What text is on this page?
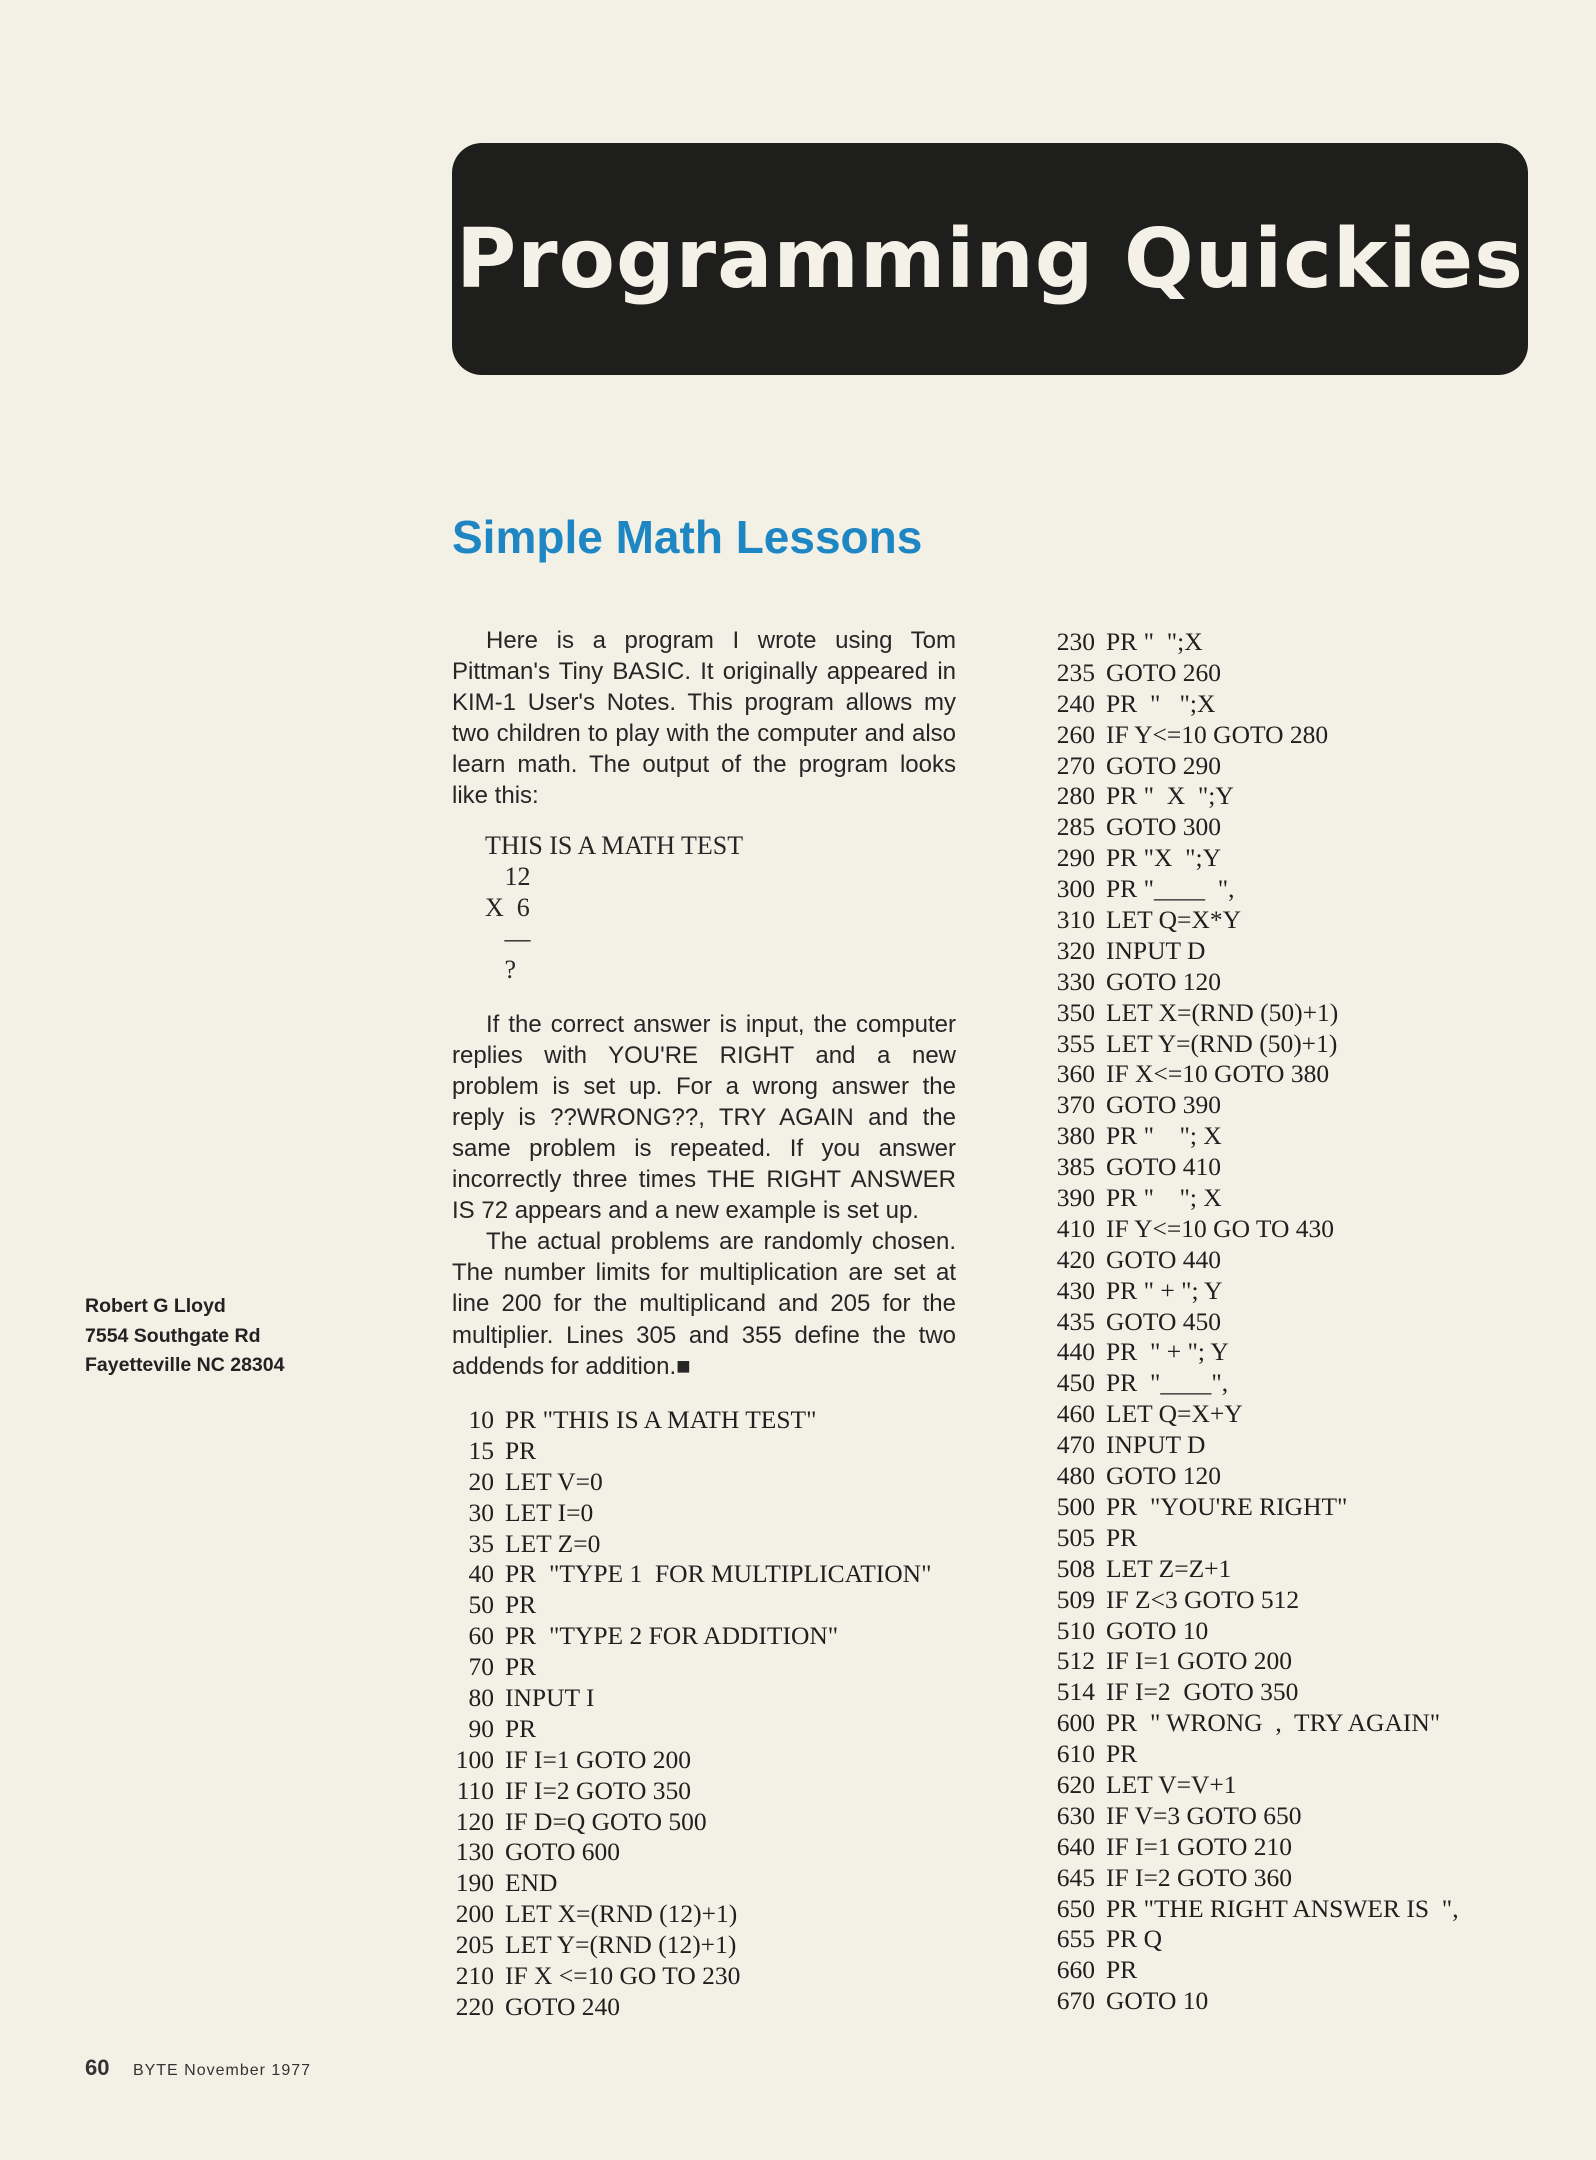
Programming Quickies
Simple Math Lessons

Here is a program I wrote using Tom Pittman's Tiny BASIC. It originally appeared in KIM-1 User's Notes. This program allows my two children to play with the computer and also learn math. The output of the program looks like this:

THIS IS A MATH TEST
12
X  6
―
?

If the correct answer is input, the computer replies with YOU'RE RIGHT and a new problem is set up. For a wrong answer the reply is ??WRONG??, TRY AGAIN and the same problem is repeated. If you answer incorrectly three times THE RIGHT ANSWER IS 72 appears and a new example is set up.

The actual problems are randomly chosen. The number limits for multiplication are set at line 200 for the multiplicand and 205 for the multiplier. Lines 305 and 355 define the two addends for addition.■

Robert G Lloyd
7554 Southgate Rd
Fayetteville NC 28304
10 PR "THIS IS A MATH TEST"
15 PR
20 LET V=0
30 LET I=0
35 LET Z=0
40 PR  "TYPE 1  FOR MULTIPLICATION"
50 PR
60 PR  "TYPE 2 FOR ADDITION"
70 PR
80 INPUT I
90 PR
100 IF I=1 GOTO 200
110 IF I=2 GOTO 350
120 IF D=Q GOTO 500
130 GOTO 600
190 END
200 LET X=(RND (12)+1)
205 LET Y=(RND (12)+1)
210 IF X <=10 GO TO 230
220 GOTO 240
230 PR "  ";X
235 GOTO 260
240 PR  "   ";X
260 IF Y<=10 GOTO 280
270 GOTO 290
280 PR "  X  ";Y
285 GOTO 300
290 PR "X  ";Y
300 PR "____  ",
310 LET Q=X*Y
320 INPUT D
330 GOTO 120
350 LET X=(RND (50)+1)
355 LET Y=(RND (50)+1)
360 IF X<=10 GOTO 380
370 GOTO 390
380 PR "    "; X
385 GOTO 410
390 PR "    "; X
410 IF Y<=10 GO TO 430
420 GOTO 440
430 PR " + "; Y
435 GOTO 450
440 PR  " + "; Y
450 PR  "____",
460 LET Q=X+Y
470 INPUT D
480 GOTO 120
500 PR  "YOU'RE RIGHT"
505 PR
508 LET Z=Z+1
509 IF Z<3 GOTO 512
510 GOTO 10
512 IF I=1 GOTO 200
514 IF I=2  GOTO 350
600 PR  " WRONG  ,  TRY AGAIN"
610 PR
620 LET V=V+1
630 IF V=3 GOTO 650
640 IF I=1 GOTO 210
645 IF I=2 GOTO 360
650 PR "THE RIGHT ANSWER IS  ",
655 PR Q
660 PR
670 GOTO 10
60 BYTE November 1977
